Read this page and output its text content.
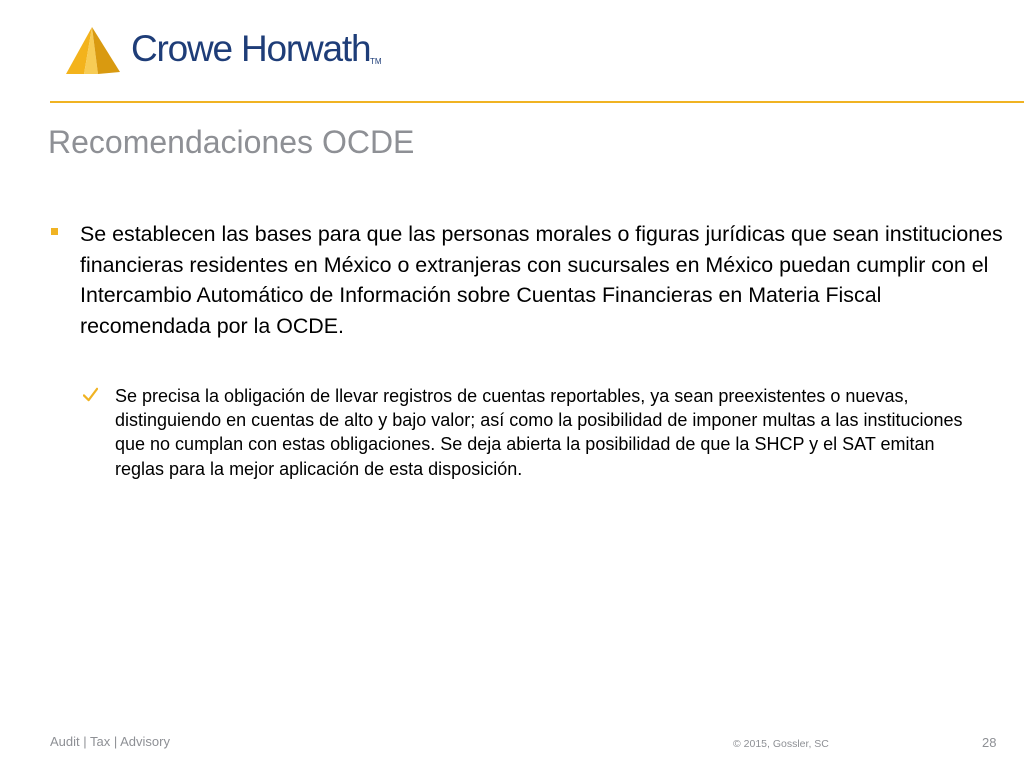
Crowe Horwath TM
Recomendaciones OCDE

Se establecen las bases para que las personas morales o figuras jurídicas que sean instituciones financieras residentes en México o extranjeras con sucursales en México puedan cumplir con el Intercambio Automático de Información sobre Cuentas Financieras en Materia Fiscal recomendada por la OCDE.

Se precisa la obligación de llevar registros de cuentas reportables, ya sean preexistentes o nuevas, distinguiendo en cuentas de alto y bajo valor; así como la posibilidad de imponer multas a las instituciones que no cumplan con estas obligaciones. Se deja abierta la posibilidad de que la SHCP y el SAT emitan reglas para la mejor aplicación de esta disposición.

Audit | Tax | Advisory	© 2015, Gossler, SC	28
